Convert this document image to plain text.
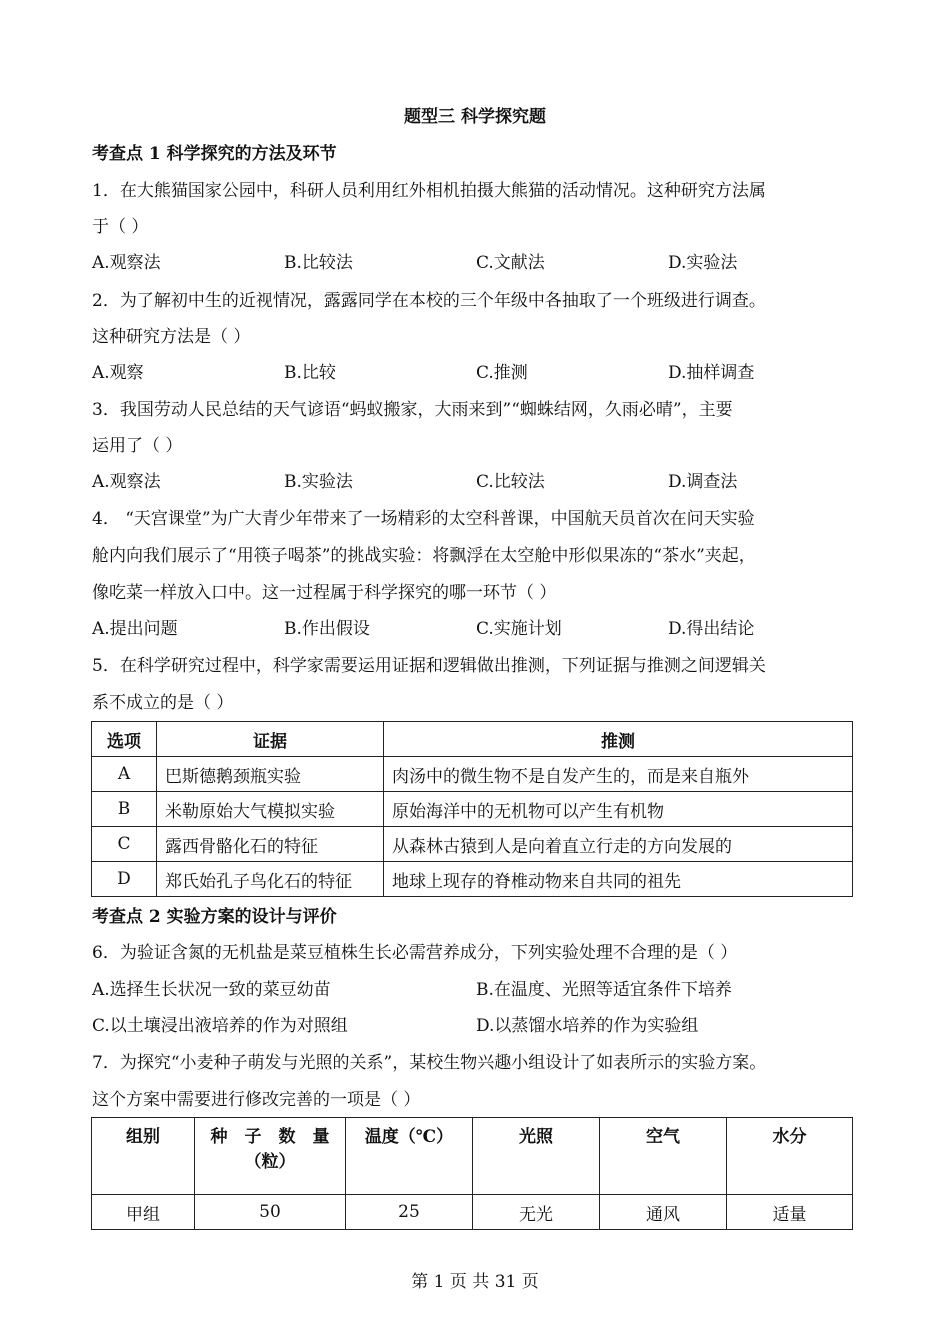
题型三 科学探究题
考查点 1 科学探究的方法及环节
1．在大熊猫国家公园中，科研人员利用红外相机拍摄大熊猫的活动情况。这种研究方法属
于（ ）
A.观察法	B.比较法	C.文献法	D.实验法
2．为了解初中生的近视情况，露露同学在本校的三个年级中各抽取了一个班级进行调查。
这种研究方法是（ ）
A.观察	B.比较	C.推测	D.抽样调查
3．我国劳动人民总结的天气谚语“蚂蚁搬家，大雨来到”“蜘蛛结网，久雨必晴”，主要
运用了（ ）
A.观察法	B.实验法	C.比较法	D.调查法
4． “天宫课堂”为广大青少年带来了一场精彩的太空科普课，中国航天员首次在问天实验
舱内向我们展示了“用筷子喝茶”的挑战实验：将飘浮在太空舱中形似果冻的“茶水”夹起，
像吃菜一样放入口中。这一过程属于科学探究的哪一环节（ ）
A.提出问题	B.作出假设	C.实施计划	D.得出结论
5．在科学研究过程中，科学家需要运用证据和逻辑做出推测，下列证据与推测之间逻辑关
系不成立的是（ ）
选项	证据	推测
A	巴斯德鹅颈瓶实验	肉汤中的微生物不是自发产生的，而是来自瓶外
B	米勒原始大气模拟实验	原始海洋中的无机物可以产生有机物
C	露西骨骼化石的特征	从森林古猿到人是向着直立行走的方向发展的
D	郑氏始孔子鸟化石的特征	地球上现存的脊椎动物来自共同的祖先
考查点 2 实验方案的设计与评价
6．为验证含氮的无机盐是菜豆植株生长必需营养成分，下列实验处理不合理的是（ ）
A.选择生长状况一致的菜豆幼苗	B.在温度、光照等适宜条件下培养
C.以土壤浸出液培养的作为对照组	D.以蒸馏水培养的作为实验组
7．为探究“小麦种子萌发与光照的关系”，某校生物兴趣小组设计了如表所示的实验方案。
这个方案中需要进行修改完善的一项是（ ）
组别	种　子　数　量（粒）	温度（℃）	光照	空气	水分
甲组	50	25	无光	通风	适量
第 1 页 共 31 页
